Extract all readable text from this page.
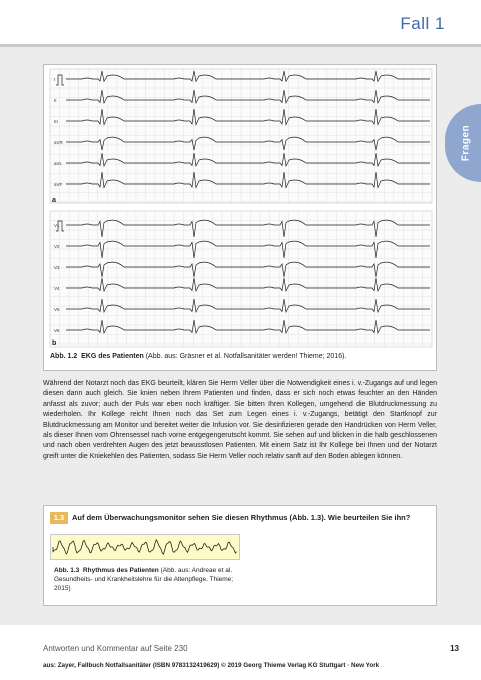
Fall 1
Fragen
I
II
III
aVR
aVL
aVF
V1
V2
V3
V4
V5
V6
a
b
Abb. 1.2 EKG des Patienten (Abb. aus: Gräsner et al. Notfallsanitäter werden! Thieme; 2016).
Während der Notarzt noch das EKG beurteilt, klären Sie Herrn Veller über die Notwendigkeit eines i. v.-Zugangs auf und legen diesen dann auch gleich. Sie knien neben Ihrem Patienten und finden, dass er sich noch etwas feuchter an den Händen anfasst als zuvor; auch der Puls war eben noch kräftiger. Sie bitten Ihren Kollegen, umgehend die Blutdruckmessung zu wiederholen. Ihr Kollege reicht Ihnen noch das Set zum Legen eines i. v.-Zugangs, betätigt den Startknopf zur Blutdruckmessung am Monitor und bereitet weiter die Infusion vor. Sie desinfizieren gerade den Handrücken von Herrn Veller, als dieser Ihnen vom Ohrensessel nach vorne entgegengerutscht kommt. Sie sehen auf und blicken in die halb geschlossenen und nach oben verdrehten Augen des jetzt bewusstlosen Patienten. Mit einem Satz ist Ihr Kollege bei Ihnen und der Notarzt greift unter die Kniekehlen des Patienten, sodass Sie Herrn Veller noch relativ sanft auf den Boden ablegen können.
1.3	Auf dem Überwachungsmonitor sehen Sie diesen Rhythmus (Abb. 1.3). Wie beurteilen Sie ihn?
Abb. 1.3 Rhythmus des Patienten (Abb. aus: Andreae et al. Gesundheits- und Krankheitslehre für die Altenpflege. Thieme; 2015)
Antworten und Kommentar auf Seite 230	13
aus: Zayer, Fallbuch Notfallsanitäter (ISBN 9783132419629) © 2019 Georg Thieme Verlag KG Stuttgart · New York
